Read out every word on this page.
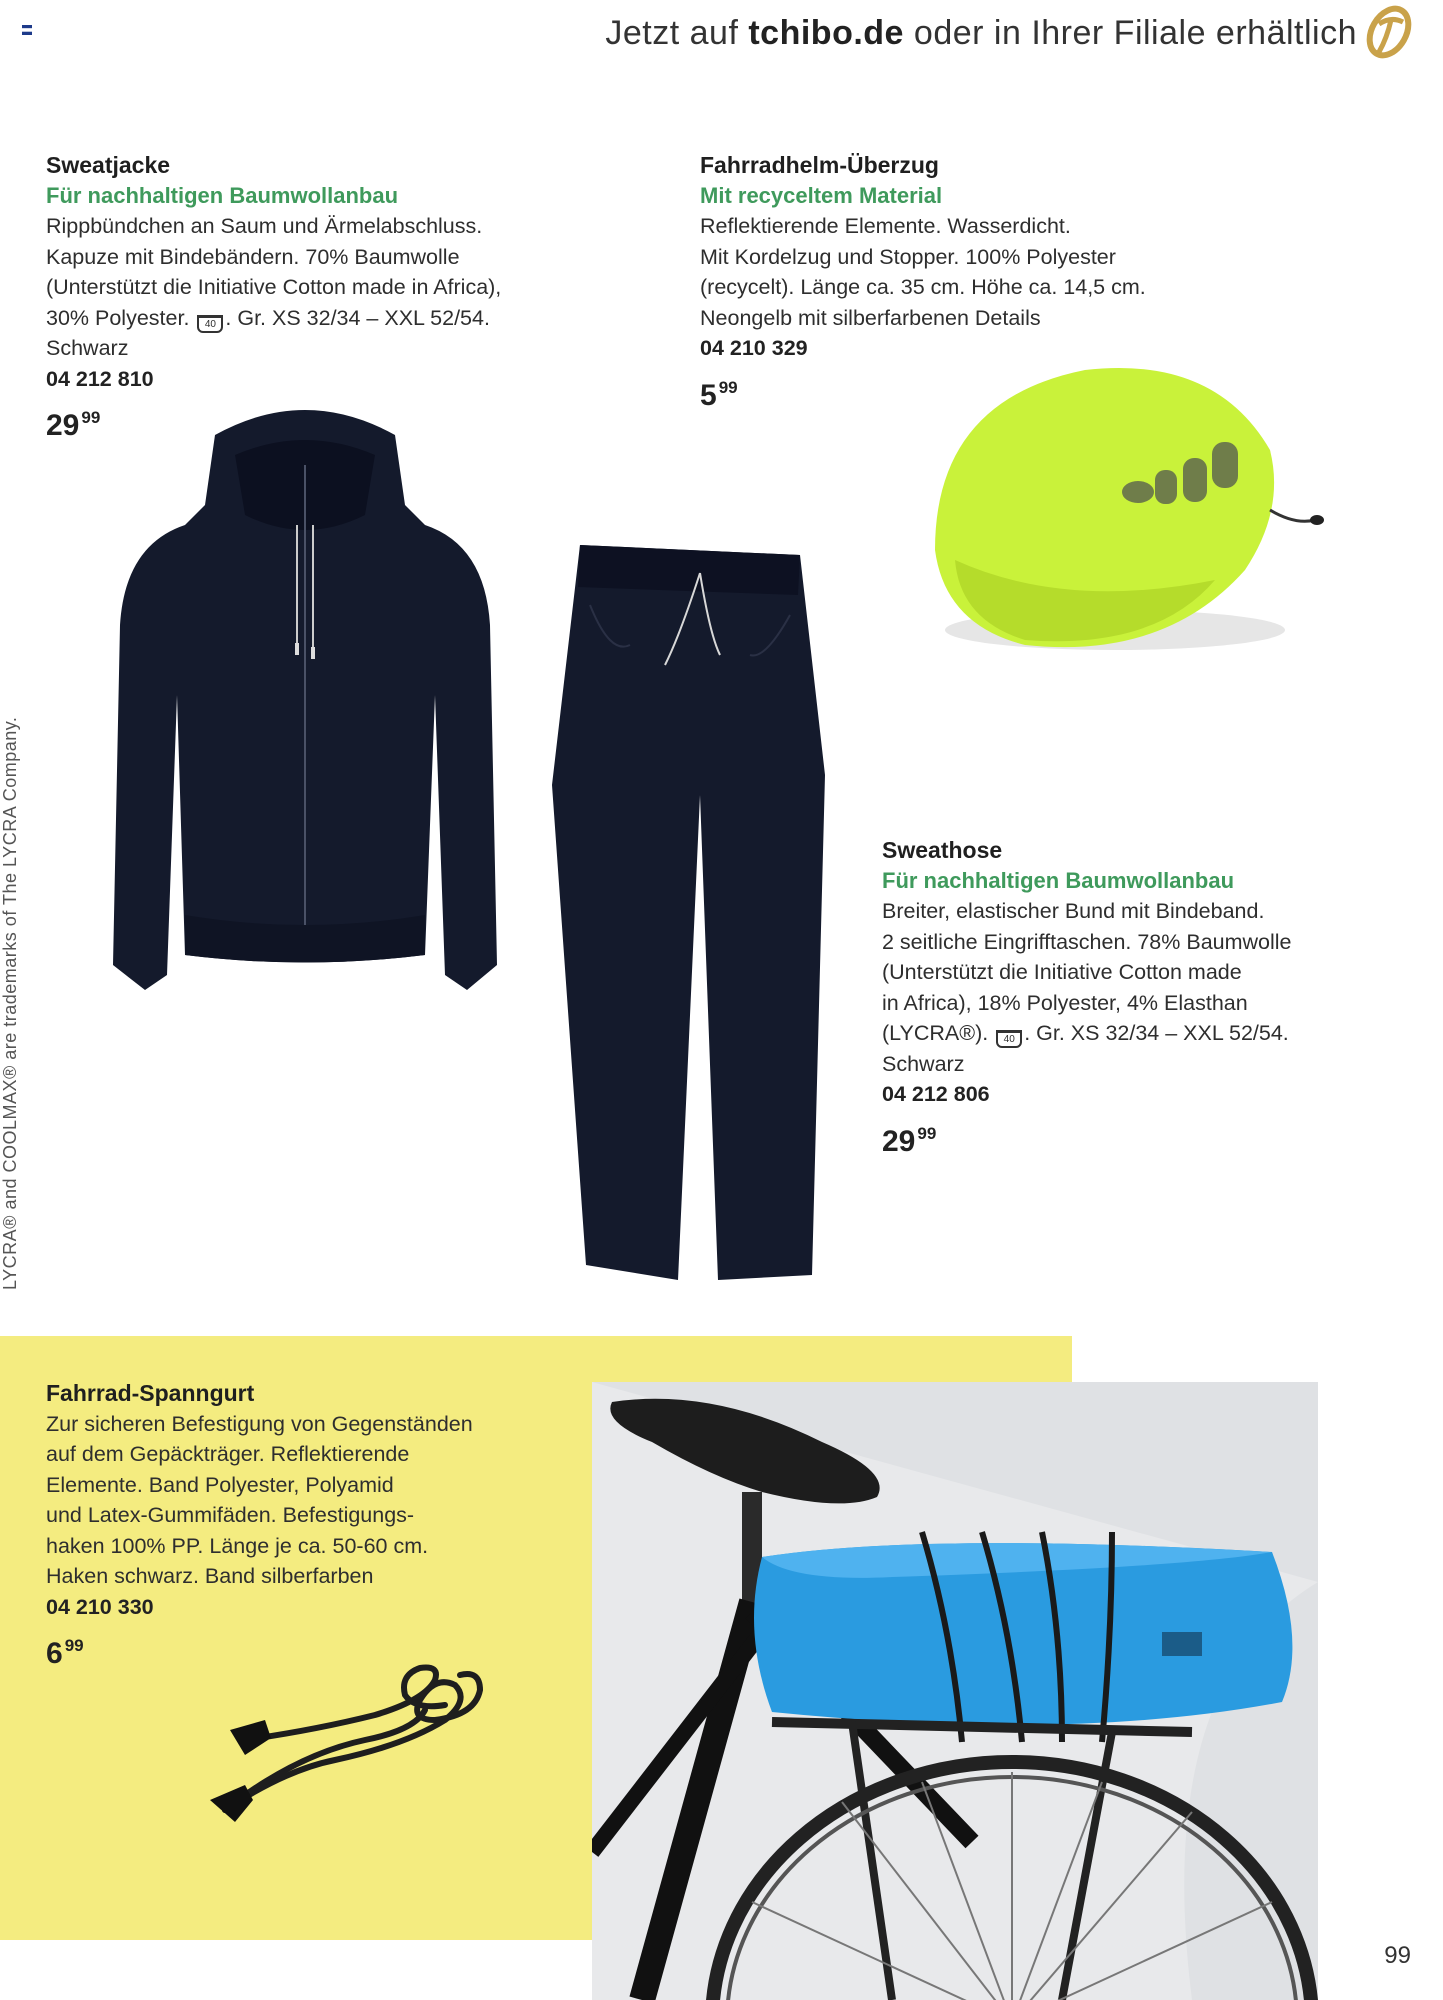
Jetzt auf tchibo.de oder in Ihrer Filiale erhältlich
Sweatjacke
Für nachhaltigen Baumwollanbau
Rippbündchen an Saum und Ärmelabschluss.
Kapuze mit Bindebändern. 70% Baumwolle
(Unterstützt die Initiative Cotton made in Africa),
30% Polyester. 40 . Gr. XS 32/34 – XXL 52/54.
Schwarz
04 212 810
29 $^{99}$
Fahrradhelm-Überzug
Mit recyceltem Material
Reflektierende Elemente. Wasserdicht.
Mit Kordelzug und Stopper. 100% Polyester
(recycelt). Länge ca. 35 cm. Höhe ca. 14,5 cm.
Neongelb mit silberfarbenen Details
04 210 329
5 $^{99}$
Sweathose
Für nachhaltigen Baumwollanbau
Breiter, elastischer Bund mit Bindeband.
2 seitliche Eingrifftaschen. 78% Baumwolle
(Unterstützt die Initiative Cotton made
in Africa), 18% Polyester, 4% Elasthan
(LYCRA®). 40 . Gr. XS 32/34 – XXL 52/54.
Schwarz
04 212 806
29 $^{99}$
LYCRA® and COOLMAX® are trademarks of The LYCRA Company.
Fahrrad-Spanngurt
Zur sicheren Befestigung von Gegenständen
auf dem Gepäckträger. Reflektierende
Elemente. Band Polyester, Polyamid
und Latex-Gummifäden. Befestigungs-
haken 100% PP. Länge je ca. 50-60 cm.
Haken schwarz. Band silberfarben
04 210 330
6 $^{99}$
99
